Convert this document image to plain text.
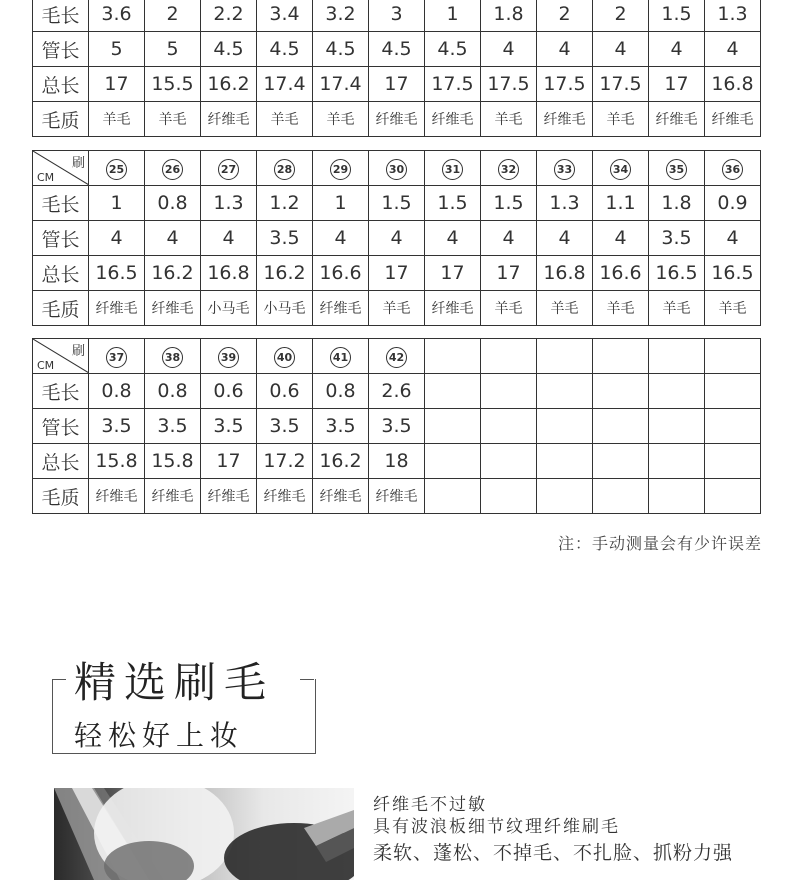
毛长	3.6	2	2.2	3.4	3.2	3	1	1.8	2	2	1.5	1.3
管长	5	5	4.5	4.5	4.5	4.5	4.5	4	4	4	4	4
总长	17	15.5	16.2	17.4	17.4	17	17.5	17.5	17.5	17.5	17	16.8
毛质	羊毛	羊毛	纤维毛	羊毛	羊毛	纤维毛	纤维毛	羊毛	纤维毛	羊毛	纤维毛	纤维毛
刷
CM	25	26	27	28	29	30	31	32	33	34	35	36
毛长	1	0.8	1.3	1.2	1	1.5	1.5	1.5	1.3	1.1	1.8	0.9
管长	4	4	4	3.5	4	4	4	4	4	4	3.5	4
总长	16.5	16.2	16.8	16.2	16.6	17	17	17	16.8	16.6	16.5	16.5
毛质	纤维毛	纤维毛	小马毛	小马毛	纤维毛	羊毛	纤维毛	羊毛	羊毛	羊毛	羊毛	羊毛
刷
CM	37	38	39	40	41	42						
毛长	0.8	0.8	0.6	0.6	0.8	2.6						
管长	3.5	3.5	3.5	3.5	3.5	3.5						
总长	15.8	15.8	17	17.2	16.2	18						
毛质	纤维毛	纤维毛	纤维毛	纤维毛	纤维毛	纤维毛						
注：手动测量会有少许误差
精选刷毛
轻松好上妆
纤维毛不过敏
具有波浪板细节纹理纤维刷毛
柔软、蓬松、不掉毛、不扎脸、抓粉力强
